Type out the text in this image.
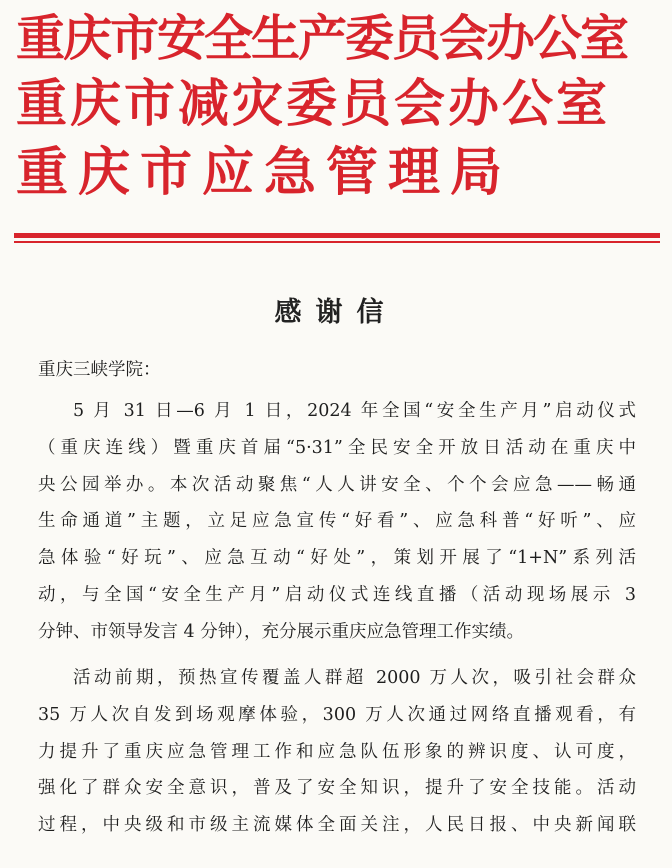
重庆市安全生产委员会办公室
重庆市减灾委员会办公室
重庆市应急管理局
感谢信
重庆三峡学院：
5 月 31 日—6 月 1 日，2024 年全国“安全生产月”启动仪式
（重庆连线）暨重庆首届“5·31”全民安全开放日活动在重庆中
央公园举办。本次活动聚焦“人人讲安全、个个会应急——畅通
生命通道”主题，立足应急宣传“好看”、应急科普“好听”、应
急体验“好玩”、应急互动“好处”，策划开展了“1+N”系列活
动，与全国“安全生产月”启动仪式连线直播（活动现场展示 3
分钟、市领导发言 4 分钟），充分展示重庆应急管理工作实绩。
活动前期，预热宣传覆盖人群超 2000 万人次，吸引社会群众
35 万人次自发到场观摩体验，300 万人次通过网络直播观看，有
力提升了重庆应急管理工作和应急队伍形象的辨识度、认可度，
强化了群众安全意识，普及了安全知识，提升了安全技能。活动
过程，中央级和市级主流媒体全面关注，人民日报、中央新闻联
